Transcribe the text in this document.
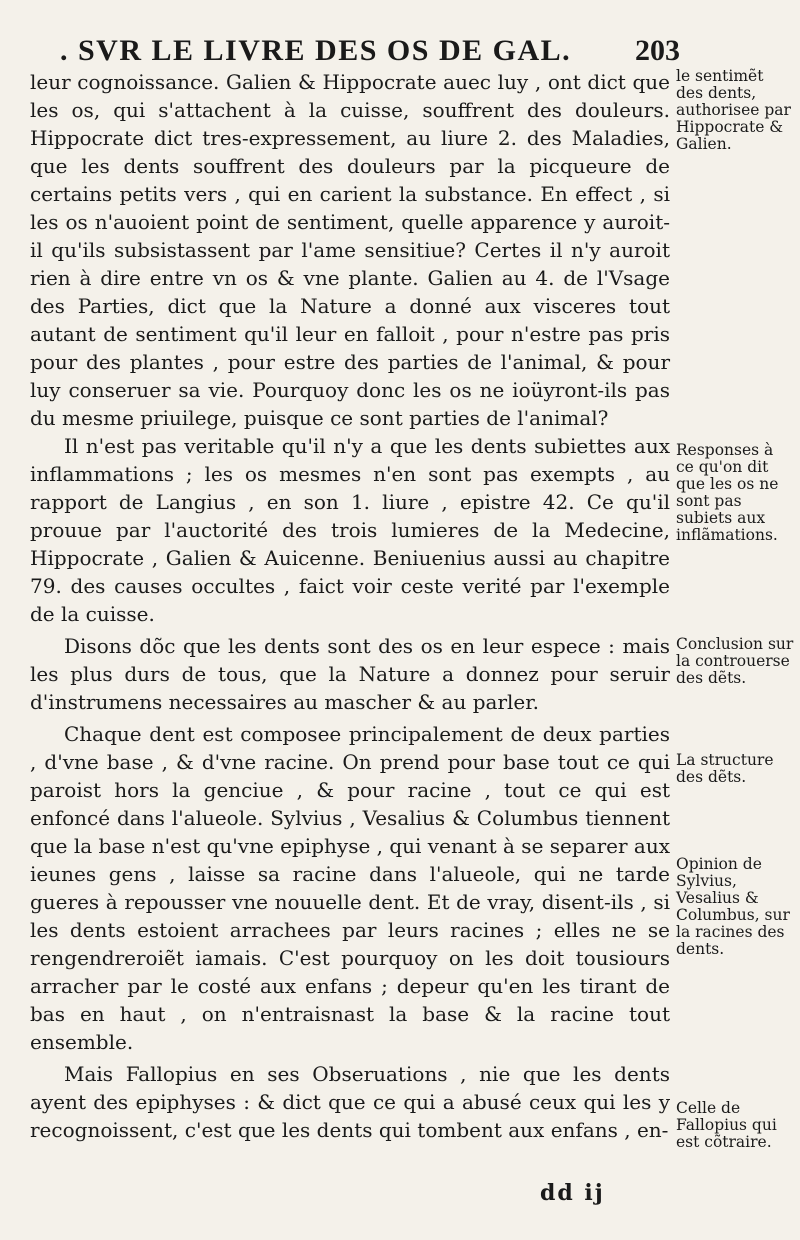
. SVR LE LIVRE DES OS DE GAL. 203

leur cognoissance. Galien & Hippocrate auec luy , ont dict que les os, qui s'attachent à la cuisse, souffrent des douleurs. Hippocrate dict tres-expressement, au liure 2. des Maladies, que les dents souffrent des douleurs par la picqueure de certains petits vers , qui en carient la substance. En effect , si les os n'auoient point de sentiment, quelle apparence y auroit-il qu'ils subsistassent par l'ame sensitiue? Certes il n'y auroit rien à dire entre vn os & vne plante. Galien au 4. de l'Vsage des Parties, dict que la Nature a donné aux visceres tout autant de sentiment qu'il leur en falloit , pour n'estre pas pris pour des plantes , pour estre des parties de l'animal, & pour luy conseruer sa vie. Pourquoy donc les os ne ioüyront-ils pas du mesme priuilege, puisque ce sont parties de l'animal?

Il n'est pas veritable qu'il n'y a que les dents subiettes aux inflammations ; les os mesmes n'en sont pas exempts , au rapport de Langius , en son 1. liure , epistre 42. Ce qu'il prouue par l'auctorité des trois lumieres de la Medecine, Hippocrate , Galien & Auicenne. Beniuenius aussi au chapitre 79. des causes occultes , faict voir ceste verité par l'exemple de la cuisse.

Disons dõc que les dents sont des os en leur espece : mais les plus durs de tous, que la Nature a donnez pour seruir d'instrumens necessaires au mascher & au parler.

Chaque dent est composee principalement de deux parties , d'vne base , & d'vne racine. On prend pour base tout ce qui paroist hors la genciue , & pour racine , tout ce qui est enfoncé dans l'alueole. Sylvius , Vesalius & Columbus tiennent que la base n'est qu'vne epiphyse , qui venant à se separer aux ieunes gens , laisse sa racine dans l'alueole, qui ne tarde gueres à repousser vne nouuelle dent. Et de vray, disent-ils , si les dents estoient arrachees par leurs racines ; elles ne se rengendreroiẽt iamais. C'est pourquoy on les doit tousiours arracher par le costé aux enfans ; depeur qu'en les tirant de bas en haut , on n'entraisnast la base & la racine tout ensemble.

Mais Fallopius en ses Obseruations , nie que les dents ayent des epiphyses : & dict que ce qui a abusé ceux qui les y recognoissent, c'est que les dents qui tombent aux enfans , en-

le sentimẽt des dents, authorisee par Hippocrate & Galien.
Responses à ce qu'on dit que les os ne sont pas subiets aux inflãmations.
Conclusion sur la controuerse des dẽts.
La structure des dẽts.
Opinion de Sylvius, Vesalius & Columbus, sur la racines des dents.
Celle de Fallopius qui est cõtraire.
dd ij
